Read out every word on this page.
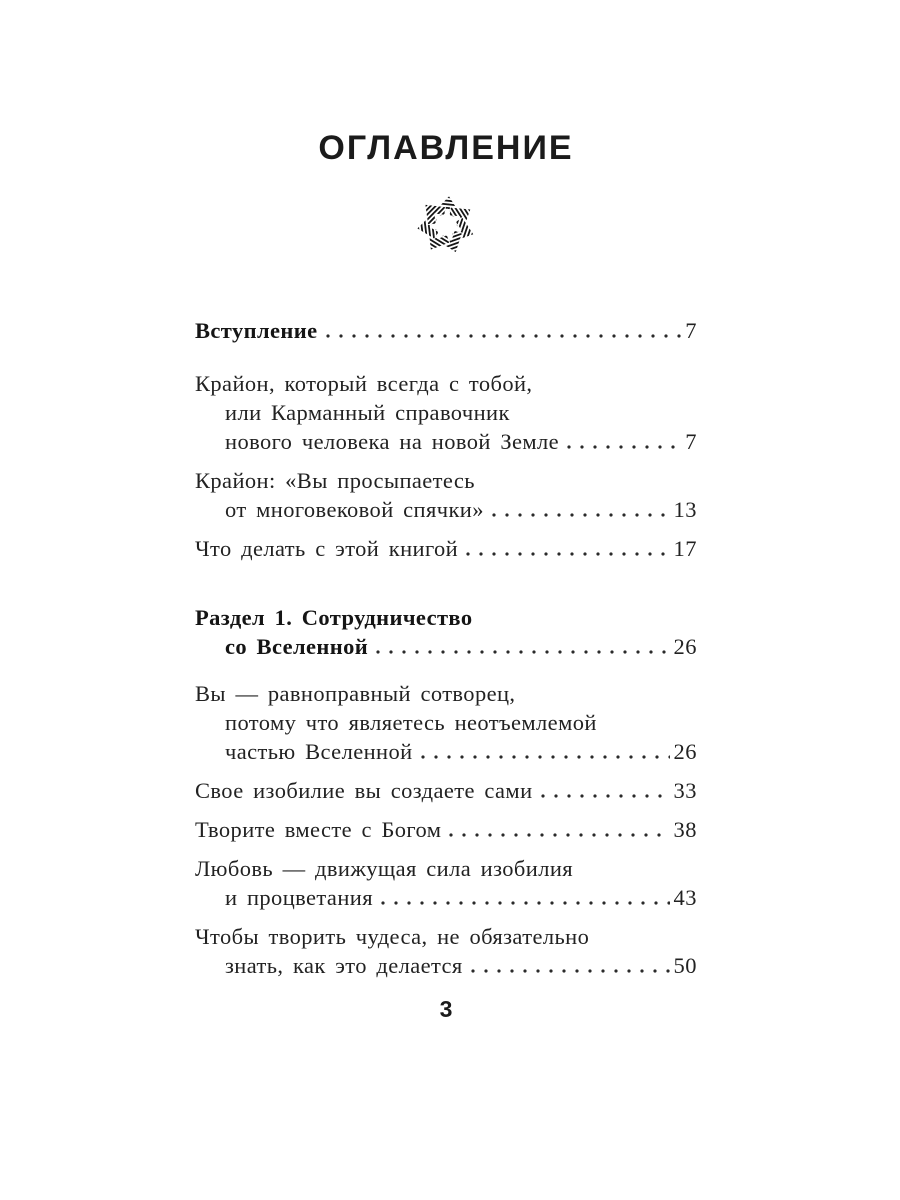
ОГЛАВЛЕНИЕ
Вступление	7
Крайон, который всегда с тобой,
или Карманный справочник
нового человека на новой Земле	7
Крайон: «Вы просыпаетесь
от многовековой спячки»	13
Что делать с этой книгой	17
Раздел 1. Сотрудничество
со Вселенной	26
Вы — равноправный сотворец,
потому что являетесь неотъемлемой
частью Вселенной	26
Свое изобилие вы создаете сами	33
Творите вместе с Богом	38
Любовь — движущая сила изобилия
и процветания	43
Чтобы творить чудеса, не обязательно
знать, как это делается	50
3
